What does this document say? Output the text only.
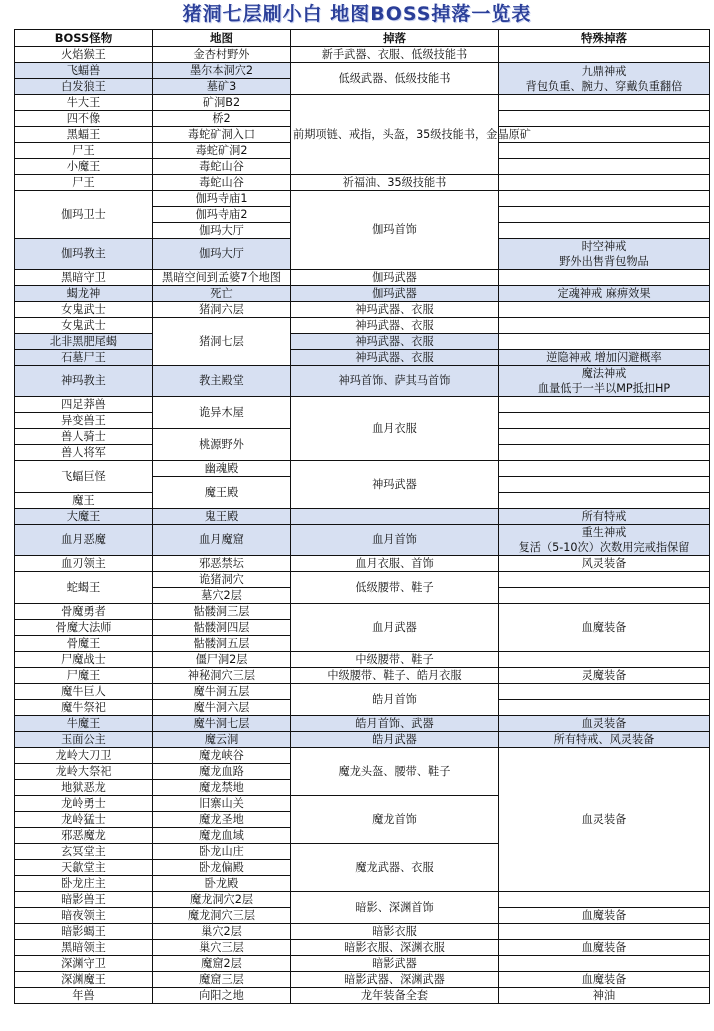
猪洞七层刷小白 地图BOSS掉落一览表
BOSS怪物	地图	掉落	特殊掉落
火焰猴王	金杏村野外	新手武器、衣服、低级技能书	
飞蝠兽	墨尔本洞穴2	低级武器、低级技能书	九鼎神戒
背包负重、腕力、穿戴负重翻倍
白发狼王	墓矿3		
牛大王	矿洞B2	前期项链、戒指，头盔，35级技能书，金晶原矿	
四不像	桥2		
黑蝠王	毒蛇矿洞入口		
尸王	毒蛇矿洞2		
小魔王	毒蛇山谷		
尸王	毒蛇山谷	祈福油、35级技能书	
伽玛卫士	伽玛寺庙1	伽玛首饰	
	伽玛寺庙2		
	伽玛大厅		
伽玛教主	伽玛大厅		时空神戒
野外出售背包物品

黑暗守卫	黑暗空间到孟婆7个地图	伽玛武器	
蝎龙神	死亡	伽玛武器	定魂神戒 麻痹效果
女鬼武士	猪洞六层	神玛武器、衣服	
女鬼武士	猪洞七层	神玛武器、衣服	
北非黑肥尾蝎		神玛武器、衣服	
石墓尸王		神玛武器、衣服	逆隐神戒 增加闪避概率

神玛教主	教主殿堂	神玛首饰、萨其马首饰	魔法神戒
血量低于一半以MP抵扣HP

四足莽兽	诡异木屋	血月衣服	
异变兽王			
兽人骑士	桃源野外		
兽人将军			
飞蝠巨怪	幽魂殿	神玛武器	
	魔王殿		
魔王			
大魔王	鬼王殿		所有特戒
血月恶魔	血月魔窟	血月首饰	重生神戒
复活（5-10次）次数用完戒指保留

血刃领主	邪恶禁坛	血月衣服、首饰	风灵装备
蛇蝎王	诡猪洞穴	低级腰带、鞋子	
	墓穴2层		
骨魔勇者	骷髅洞三层	血月武器	血魔装备
骨魔大法师	骷髅洞四层		
骨魔王	骷髅洞五层		
尸魔战士	僵尸洞2层	中级腰带、鞋子	
尸魔王	神秘洞穴三层	中级腰带、鞋子、皓月衣服	灵魔装备
魔牛巨人	魔牛洞五层	皓月首饰	
魔牛祭祀	魔牛洞六层		
牛魔王	魔牛洞七层	皓月首饰、武器	血灵装备
玉面公主	魔云洞	皓月武器	所有特戒、风灵装备
龙岭大刀卫	魔龙峡谷	魔龙头盔、腰带、鞋子	血灵装备
龙岭大祭祀	魔龙血路		
地狱恶龙	魔龙禁地		
龙岭勇士	旧寨山关	魔龙首饰	
龙岭猛士	魔龙圣地		
邪恶魔龙	魔龙血域		
玄冥堂主	卧龙山庄	魔龙武器、衣服	
天歙堂主	卧龙偏殿		
卧龙庄主	卧龙殿		
暗影兽王	魔龙洞穴2层	暗影、深渊首饰	
暗夜领主	魔龙洞穴三层		血魔装备
暗影蝎王	巢穴2层	暗影衣服	
黑暗领主	巢穴三层	暗影衣服、深渊衣服	血魔装备
深渊守卫	魔窟2层	暗影武器	
深渊魔王	魔窟三层	暗影武器、深渊武器	血魔装备
年兽	向阳之地	龙年装备全套	神油
